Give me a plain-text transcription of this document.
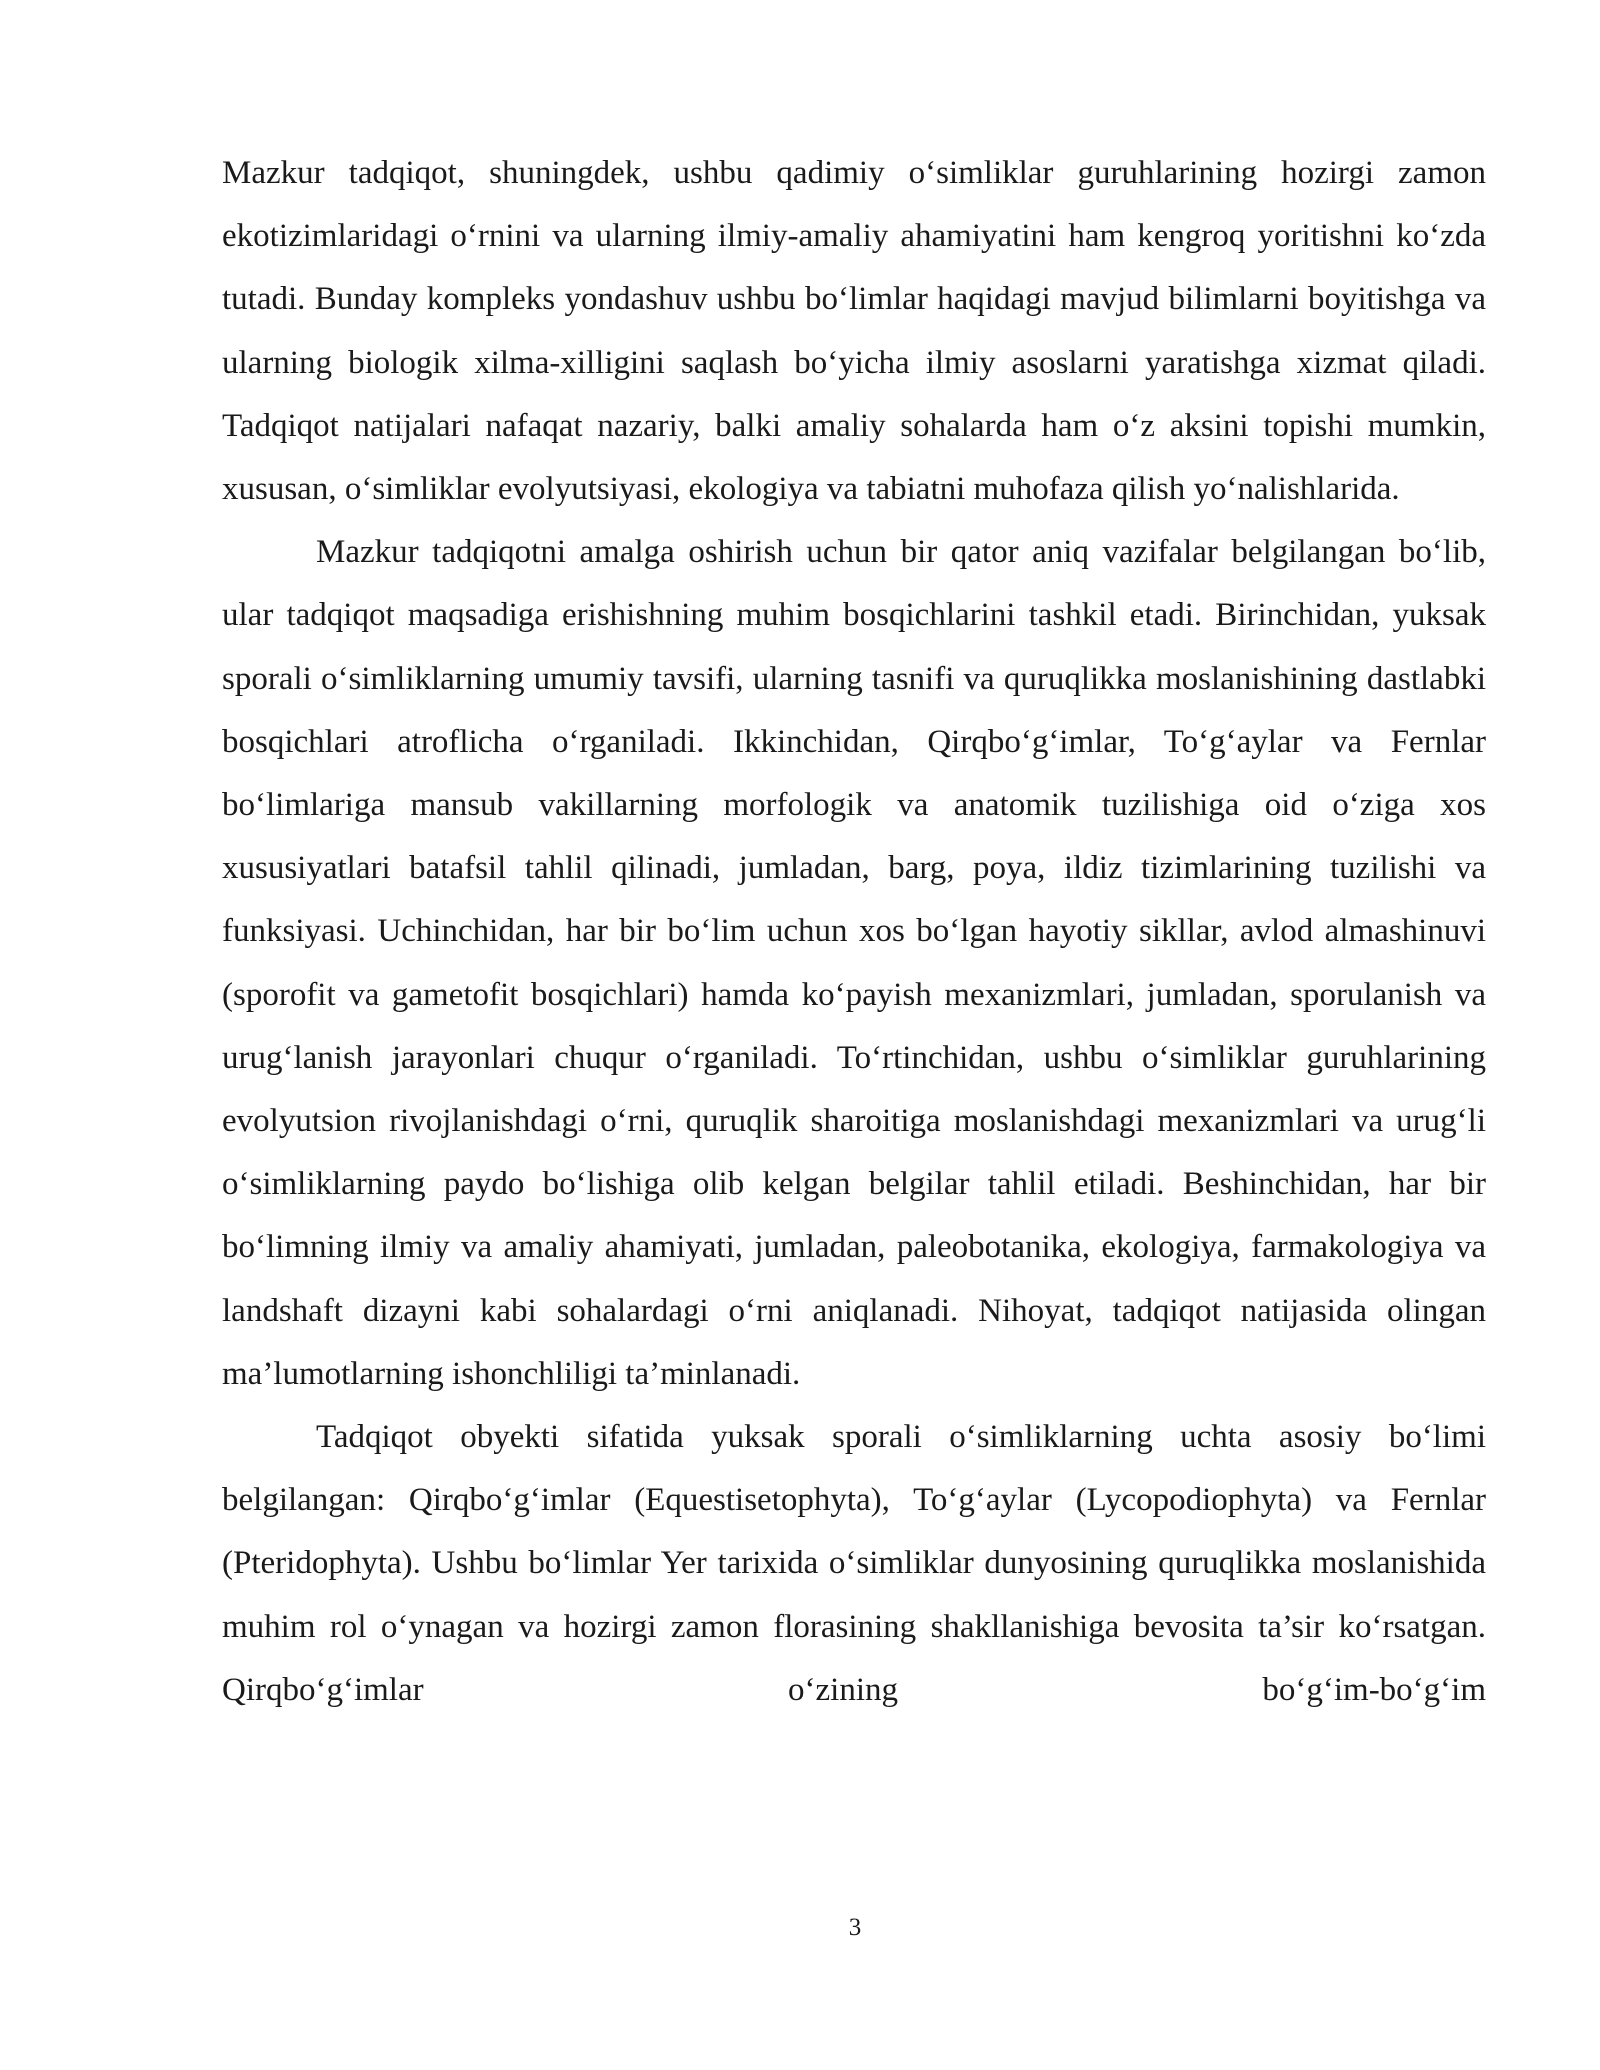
Mazkur tadqiqot, shuningdek, ushbu qadimiy o‘simliklar guruhlarining hozirgi zamon ekotizimlaridagi o‘rnini va ularning ilmiy-amaliy ahamiyatini ham kengroq yoritishni ko‘zda tutadi. Bunday kompleks yondashuv ushbu bo‘limlar haqidagi mavjud bilimlarni boyitishga va ularning biologik xilma-xilligini saqlash bo‘yicha ilmiy asoslarni yaratishga xizmat qiladi. Tadqiqot natijalari nafaqat nazariy, balki amaliy sohalarda ham o‘z aksini topishi mumkin, xususan, o‘simliklar evolyutsiyasi, ekologiya va tabiatni muhofaza qilish yo‘nalishlarida.

Mazkur tadqiqotni amalga oshirish uchun bir qator aniq vazifalar belgilangan bo‘lib, ular tadqiqot maqsadiga erishishning muhim bosqichlarini tashkil etadi. Birinchidan, yuksak sporali o‘simliklarning umumiy tavsifi, ularning tasnifi va quruqlikka moslanishining dastlabki bosqichlari atroflicha o‘rganiladi. Ikkinchidan, Qirqbo‘g‘imlar, To‘g‘aylar va Fernlar bo‘limlariga mansub vakillarning morfologik va anatomik tuzilishiga oid o‘ziga xos xususiyatlari batafsil tahlil qilinadi, jumladan, barg, poya, ildiz tizimlarining tuzilishi va funksiyasi. Uchinchidan, har bir bo‘lim uchun xos bo‘lgan hayotiy sikllar, avlod almashinuvi (sporofit va gametofit bosqichlari) hamda ko‘payish mexanizmlari, jumladan, sporulanish va urug‘lanish jarayonlari chuqur o‘rganiladi. To‘rtinchidan, ushbu o‘simliklar guruhlarining evolyutsion rivojlanishdagi o‘rni, quruqlik sharoitiga moslanishdagi mexanizmlari va urug‘li o‘simliklarning paydo bo‘lishiga olib kelgan belgilar tahlil etiladi. Beshinchidan, har bir bo‘limning ilmiy va amaliy ahamiyati, jumladan, paleobotanika, ekologiya, farmakologiya va landshaft dizayni kabi sohalardagi o‘rni aniqlanadi. Nihoyat, tadqiqot natijasida olingan ma’lumotlarning ishonchliligi ta’minlanadi.

Tadqiqot obyekti sifatida yuksak sporali o‘simliklarning uchta asosiy bo‘limi belgilangan: Qirqbo‘g‘imlar (Equestisetophyta), To‘g‘aylar (Lycopodiophyta) va Fernlar (Pteridophyta). Ushbu bo‘limlar Yer tarixida o‘simliklar dunyosining quruqlikka moslanishida muhim rol o‘ynagan va hozirgi zamon florasining shakllanishiga bevosita ta’sir ko‘rsatgan. Qirqbo‘g‘imlar o‘zining bo‘g‘im-bo‘g‘im

3
